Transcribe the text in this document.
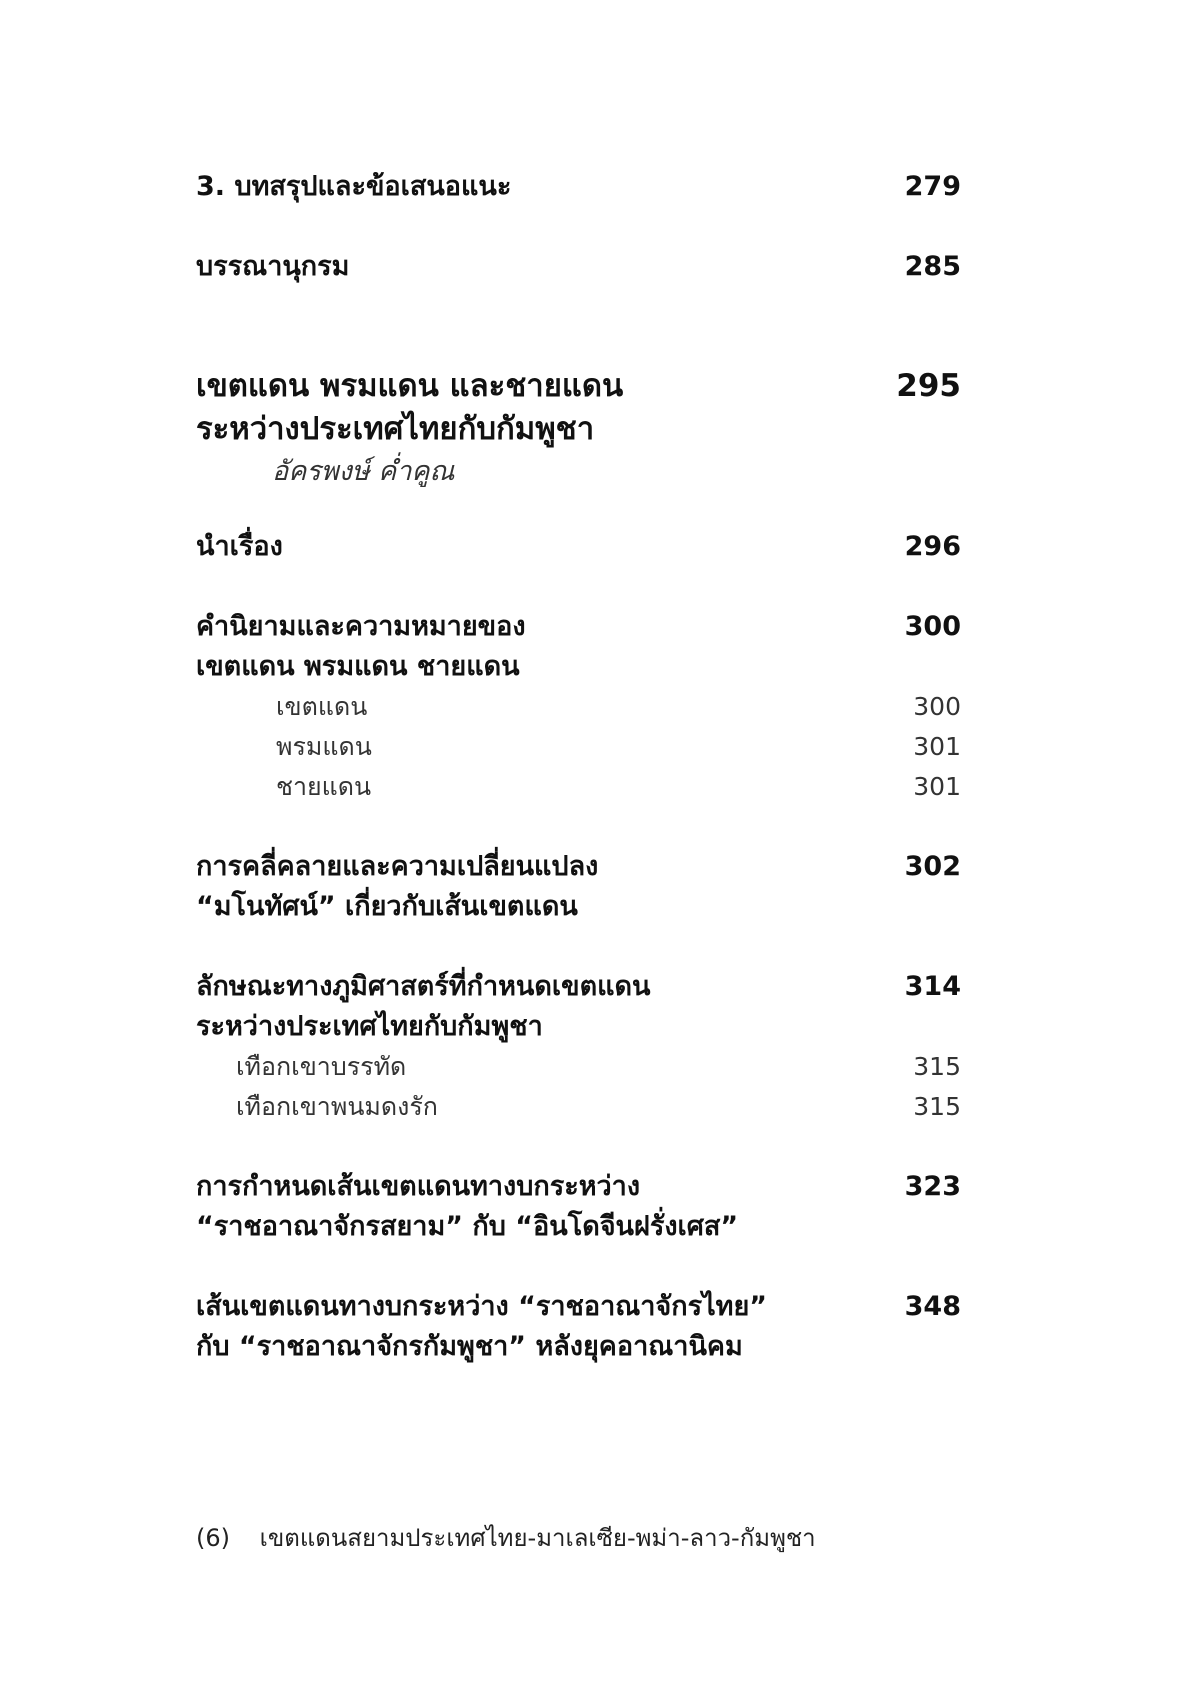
3. บทสรุปและข้อเสนอแนะ	279
บรรณานุกรม	285
เขตแดน พรมแดน และชายแดน	295
ระหว่างประเทศไทยกับกัมพูชา
อัครพงษ์ ค่ำคูณ
นำเรื่อง	296
คำนิยามและความหมายของ	300
เขตแดน พรมแดน ชายแดน
เขตแดน	300
พรมแดน	301
ชายแดน	301
การคลี่คลายและความเปลี่ยนแปลง	302
“มโนทัศน์” เกี่ยวกับเส้นเขตแดน
ลักษณะทางภูมิศาสตร์ที่กำหนดเขตแดน	314
ระหว่างประเทศไทยกับกัมพูชา
เทือกเขาบรรทัด	315
เทือกเขาพนมดงรัก	315
การกำหนดเส้นเขตแดนทางบกระหว่าง	323
“ราชอาณาจักรสยาม” กับ “อินโดจีนฝรั่งเศส”
เส้นเขตแดนทางบกระหว่าง “ราชอาณาจักรไทย”	348
กับ “ราชอาณาจักรกัมพูชา” หลังยุคอาณานิคม
(6) เขตแดนสยามประเทศไทย-มาเลเซีย-พม่า-ลาว-กัมพูชา
